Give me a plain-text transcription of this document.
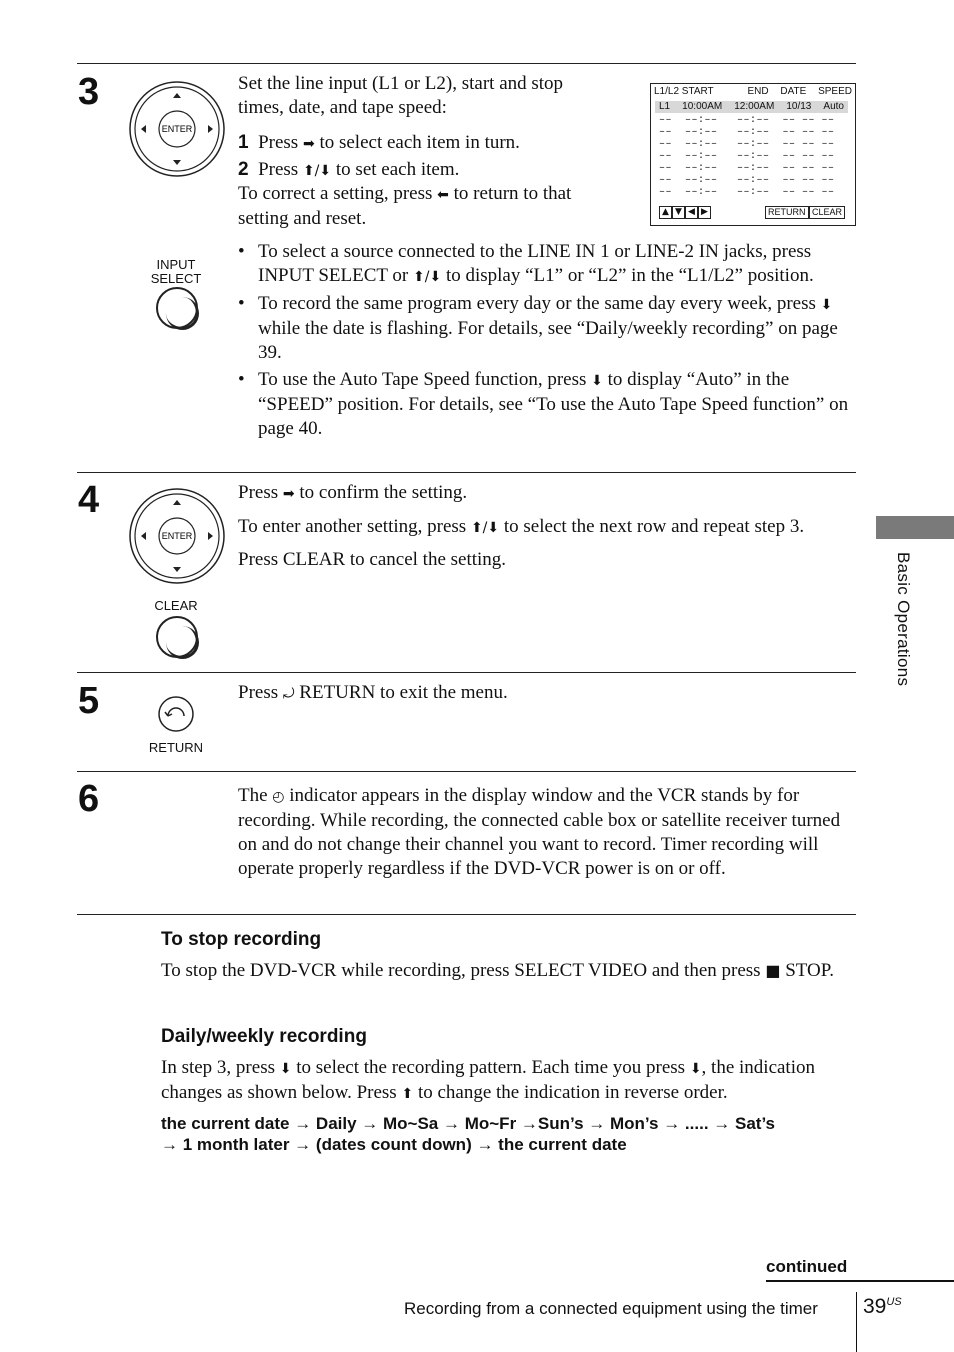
3
ENTER
Set the line input (L1 or L2), start and stop times, date, and tape speed:
1 Press ➡ to select each item in turn.
2 Press ⬆/⬇ to set each item.
To correct a setting, press ⬅ to return to that setting and reset.
L1/L2 START	END DATE SPEED
L1 10:00AM 12:00AM 10/13 Auto
––  ––:––   ––:––  –– –– ––
––  ––:––   ––:––  –– –– ––
––  ––:––   ––:––  –– –– ––
––  ––:––   ––:––  –– –– ––
––  ––:––   ––:––  –– –– ––
––  ––:––   ––:––  –– –– ––
––  ––:––   ––:––  –– –– ––
▲ ▼ ◀ ▶	RETURN CLEAR
INPUT SELECT
• To select a source connected to the LINE IN 1 or LINE-2 IN jacks, press INPUT SELECT or ⬆/⬇ to display “L1” or “L2” in the “L1/L2” position.
• To record the same program every day or the same day every week, press ⬇ while the date is flashing. For details, see “Daily/weekly recording” on page 39.
• To use the Auto Tape Speed function, press ⬇ to display “Auto” in the “SPEED” position. For details, see “To use the Auto Tape Speed function” on page 40.
4
ENTER
Press ➡ to confirm the setting.
To enter another setting, press ⬆/⬇ to select the next row and repeat step 3.
Press CLEAR to cancel the setting.
CLEAR
5
RETURN
Press ⤾ RETURN to exit the menu.
6	The ◴ indicator appears in the display window and the VCR stands by for recording. While recording, the connected cable box or satellite receiver turned on and do not change their channel you want to record. Timer recording will operate properly regardless if the DVD-VCR power is on or off.
To stop recording
To stop the DVD-VCR while recording, press SELECT VIDEO and then press ■ STOP.
Daily/weekly recording
In step 3, press ⬇ to select the recording pattern. Each time you press ⬇, the indication changes as shown below. Press ⬆ to change the indication in reverse order.
the current date → Daily → Mo~Sa → Mo~Fr →Sun’s → Mon’s → ..... → Sat’s
→ 1 month later → (dates count down) → the current date
Basic Operations
continued
Recording from a connected equipment using the timer $39^{US}$
